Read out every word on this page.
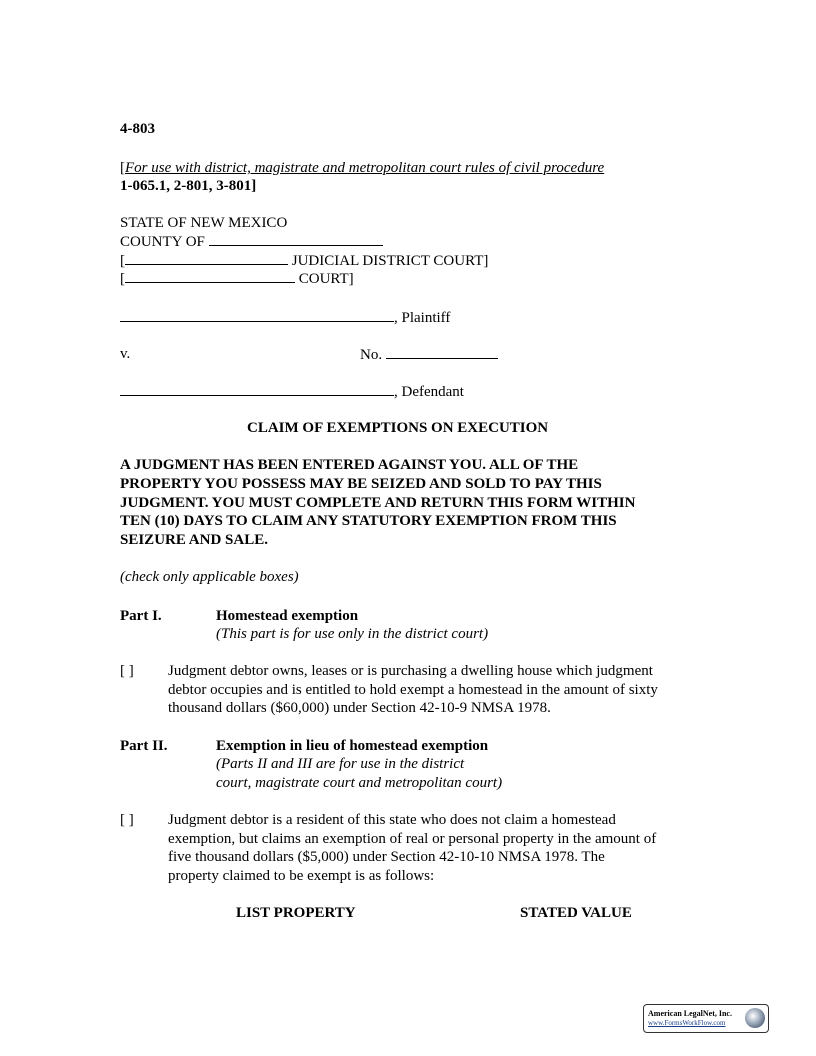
4-803
[For use with district, magistrate and metropolitan court rules of civil procedure
1-065.1, 2-801, 3-801]
STATE OF NEW MEXICO
COUNTY OF
[	JUDICIAL DISTRICT COURT]
[	COURT]
, Plaintiff
v.	No.
, Defendant
CLAIM OF EXEMPTIONS ON EXECUTION
A JUDGMENT HAS BEEN ENTERED AGAINST YOU. ALL OF THE
PROPERTY YOU POSSESS MAY BE SEIZED AND SOLD TO PAY THIS
JUDGMENT. YOU MUST COMPLETE AND RETURN THIS FORM WITHIN
TEN (10) DAYS TO CLAIM ANY STATUTORY EXEMPTION FROM THIS
SEIZURE AND SALE.
(check only applicable boxes)
Part I.	Homestead exemption
(This part is for use only in the district court)
[ ] Judgment debtor owns, leases or is purchasing a dwelling house which judgment
debtor occupies and is entitled to hold exempt a homestead in the amount of sixty
thousand dollars ($60,000) under Section 42-10-9 NMSA 1978.
Part II.	Exemption in lieu of homestead exemption
(Parts II and III are for use in the district
court, magistrate court and metropolitan court)
[ ] Judgment debtor is a resident of this state who does not claim a homestead
exemption, but claims an exemption of real or personal property in the amount of
five thousand dollars ($5,000) under Section 42-10-10 NMSA 1978. The
property claimed to be exempt is as follows:
LIST PROPERTY	STATED VALUE
American LegalNet, Inc.
www.FormsWorkFlow.com
